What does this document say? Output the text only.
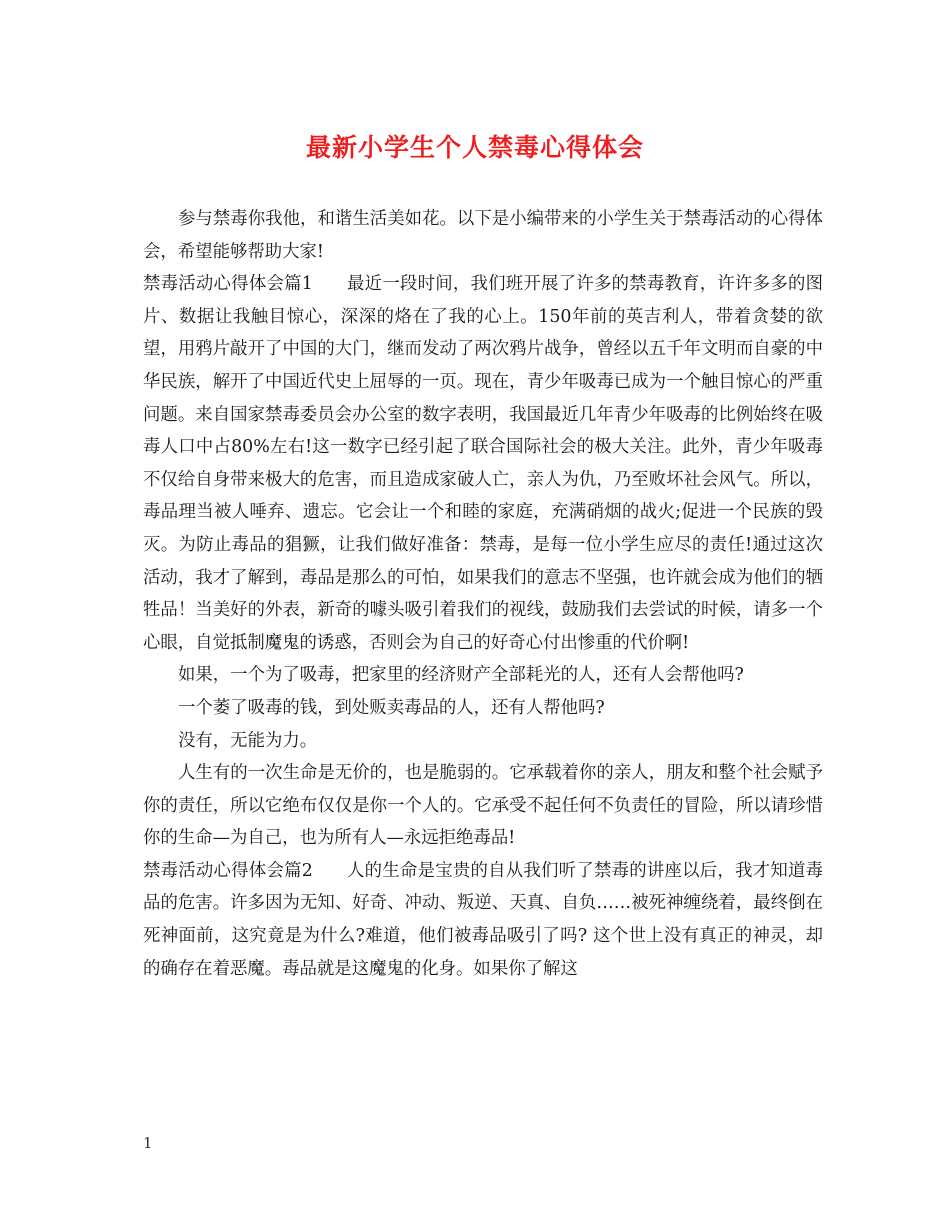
最新小学生个人禁毒心得体会

参与禁毒你我他，和谐生活美如花。以下是小编带来的小学生关于禁毒活动的心得体会，希望能够帮助大家!

禁毒活动心得体会篇1 最近一段时间，我们班开展了许多的禁毒教育，许许多多的图片、数据让我触目惊心，深深的烙在了我的心上。150年前的英吉利人，带着贪婪的欲望，用鸦片敲开了中国的大门，继而发动了两次鸦片战争，曾经以五千年文明而自豪的中华民族，解开了中国近代史上屈辱的一页。现在，青少年吸毒已成为一个触目惊心的严重问题。来自国家禁毒委员会办公室的数字表明，我国最近几年青少年吸毒的比例始终在吸毒人口中占80%左右!这一数字已经引起了联合国际社会的极大关注。此外，青少年吸毒不仅给自身带来极大的危害，而且造成家破人亡，亲人为仇，乃至败坏社会风气。所以，毒品理当被人唾弃、遗忘。它会让一个和睦的家庭，充满硝烟的战火;促进一个民族的毁灭。为防止毒品的猖獗，让我们做好准备：禁毒，是每一位小学生应尽的责任!通过这次活动，我才了解到，毒品是那么的可怕，如果我们的意志不坚强，也许就会成为他们的牺牲品！当美好的外表，新奇的噱头吸引着我们的视线，鼓励我们去尝试的时候，请多一个心眼，自觉抵制魔鬼的诱惑，否则会为自己的好奇心付出惨重的代价啊!

如果，一个为了吸毒，把家里的经济财产全部耗光的人，还有人会帮他吗?

一个萎了吸毒的钱，到处贩卖毒品的人，还有人帮他吗?

没有，无能为力。

人生有的一次生命是无价的，也是脆弱的。它承载着你的亲人，朋友和整个社会赋予你的责任，所以它绝布仅仅是你一个人的。它承受不起任何不负责任的冒险，所以请珍惜你的生命—为自己，也为所有人—永远拒绝毒品!

禁毒活动心得体会篇2 人的生命是宝贵的自从我们听了禁毒的讲座以后，我才知道毒品的危害。许多因为无知、好奇、冲动、叛逆、天真、自负……被死神缠绕着，最终倒在死神面前，这究竟是为什么?难道，他们被毒品吸引了吗? 这个世上没有真正的神灵，却的确存在着恶魔。毒品就是这魔鬼的化身。如果你了解这

1
